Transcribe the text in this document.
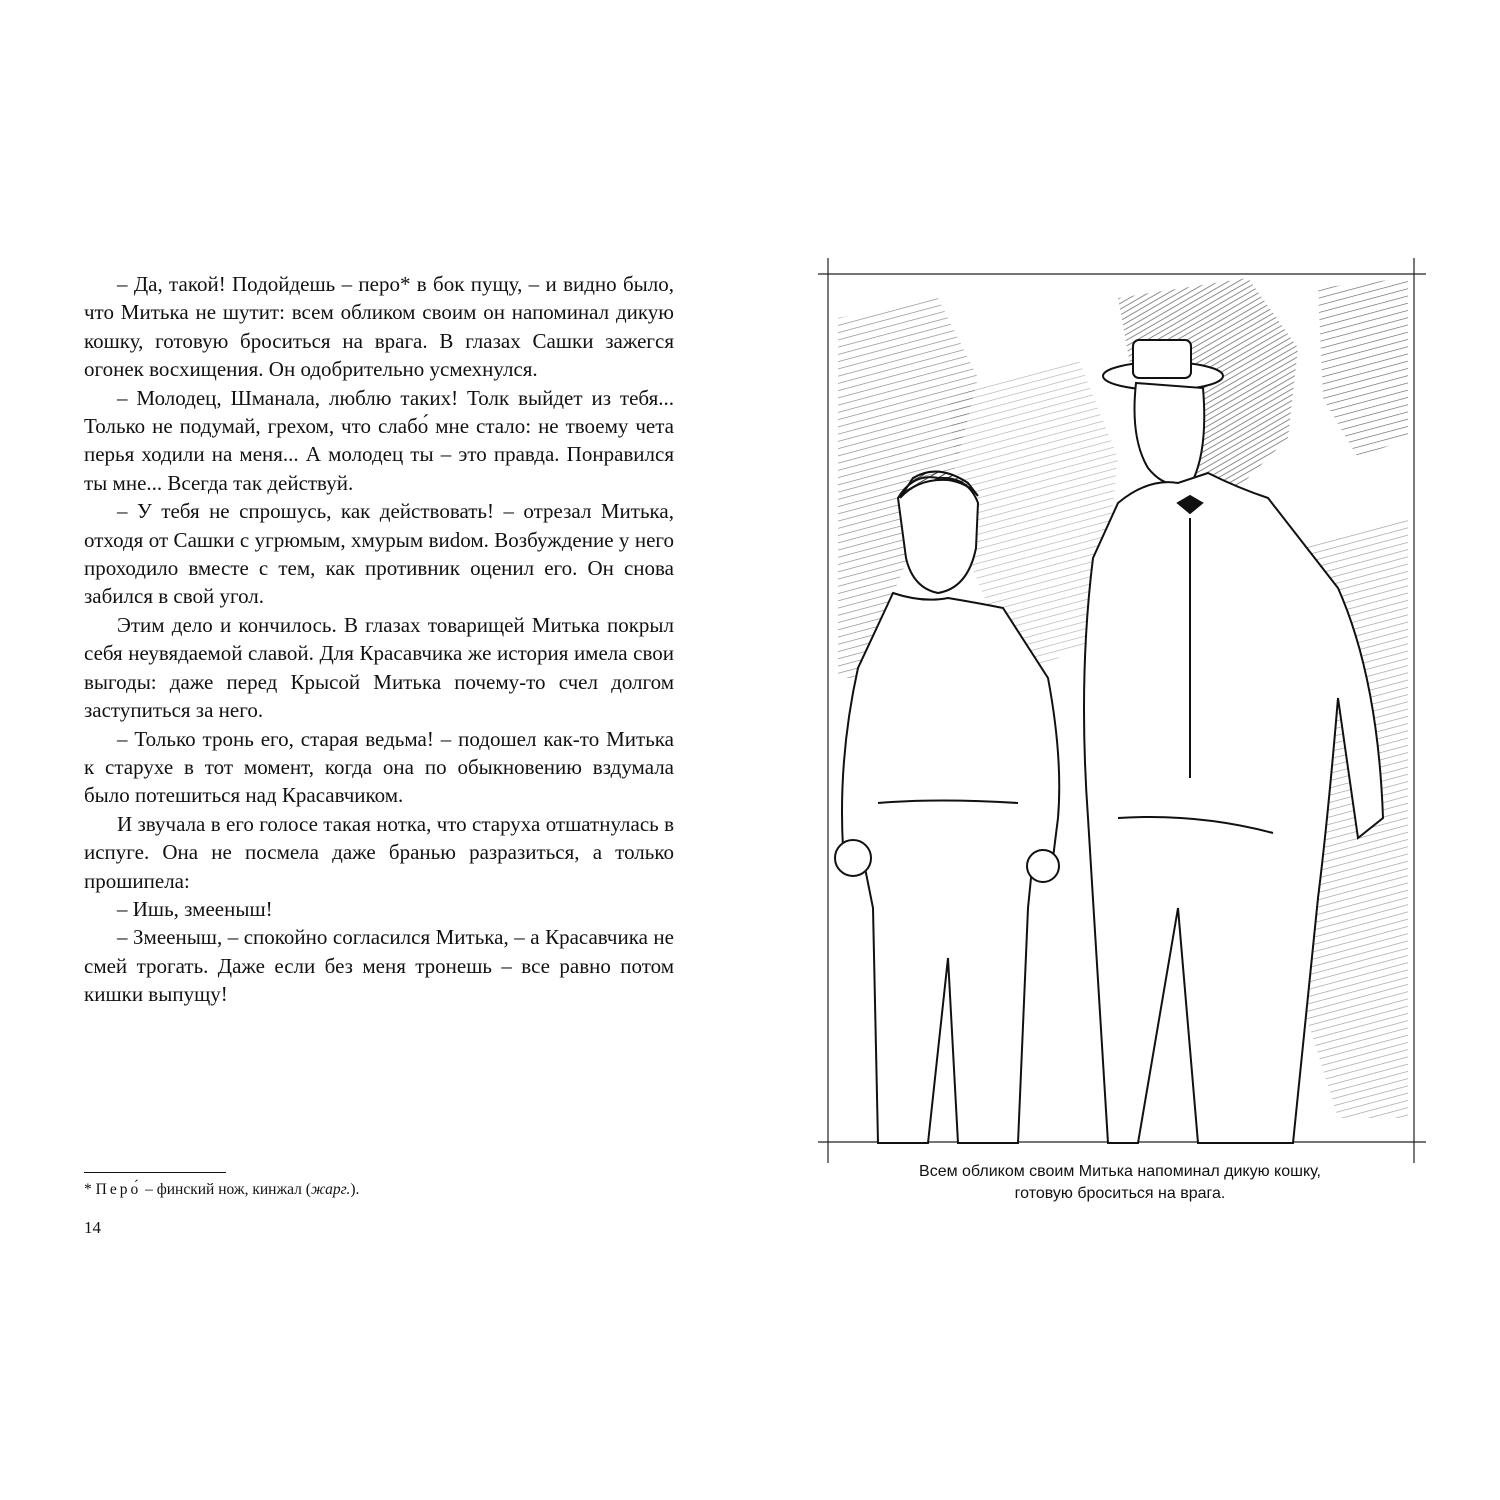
– Да, такой! Подойдешь – перо* в бок пущу, – и видно было, что Митька не шутит: всем обликом своим он напоминал дикую кошку, готовую броситься на врага. В глазах Сашки зажегся огонек восхищения. Он одобрительно усмехнулся.

– Молодец, Шманала, люблю таких! Толк выйдет из тебя... Только не подумай, грехом, что слабо́ мне стало: не твоему чета перья ходили на меня... А молодец ты – это правда. Понравился ты мне... Всегда так действуй.

– У тебя не спрошусь, как действовать! – отрезал Митька, отходя от Сашки с угрюмым, хмурым виdом. Возбуждение у него проходило вместе с тем, как противник оценил его. Он снова забился в свой угол.

Этим дело и кончилось. В глазах товарищей Митька покрыл себя неувядаемой славой. Для Красавчика же история имела свои выгоды: даже перед Крысой Митька почему-то счел долгом заступиться за него.

– Только тронь его, старая ведьма! – подошел как-то Митька к старухе в тот момент, когда она по обыкновению вздумала было потешиться над Красавчиком.

И звучала в его голосе такая нотка, что старуха отшатнулась в испуге. Она не посмела даже бранью разразиться, а только прошипела:

– Ишь, змееныш!

– Змееныш, – спокойно согласился Митька, – а Красавчика не смей трогать. Даже если без меня тронешь – все равно потом кишки выпущу!

* Перо́ – финский нож, кинжал (жарг.).
14
Всем обликом своим Митька напоминал дикую кошку,
готовую броситься на врага.
